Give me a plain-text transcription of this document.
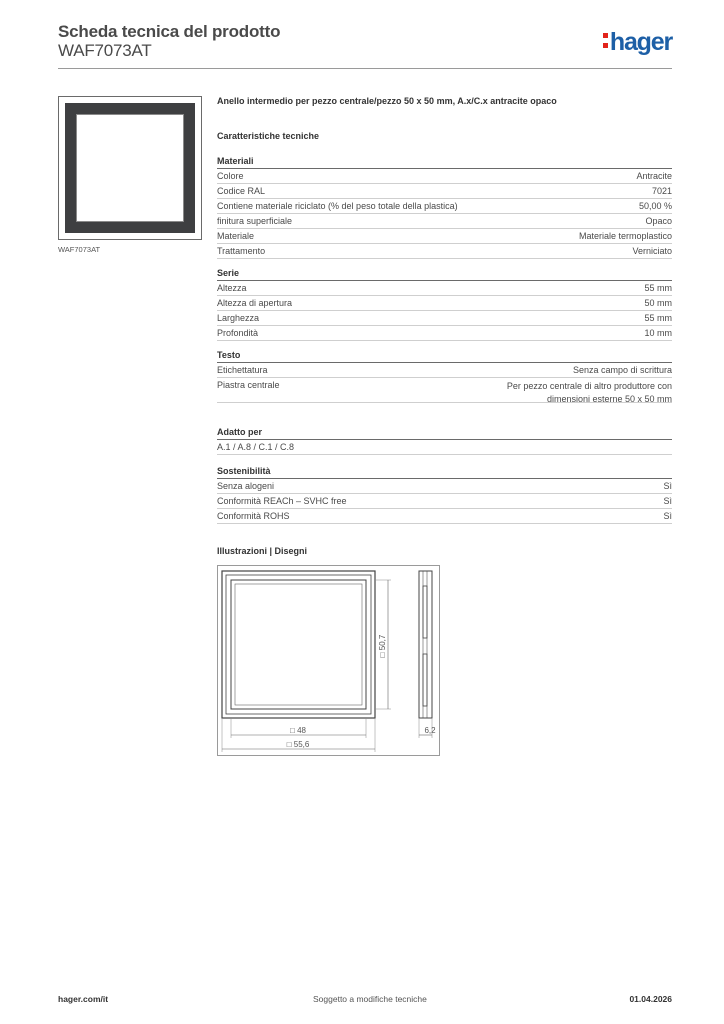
Scheda tecnica del prodotto
WAF7073AT	hager
WAF7073AT
Anello intermedio per pezzo centrale/pezzo 50 x 50 mm, A.x/C.x antracite opaco
Caratteristiche tecniche
Materiali
Colore	Antracite
Codice RAL	7021
Contiene materiale riciclato (% del peso totale della plastica)	50,00 %
finitura superficiale	Opaco
Materiale	Materiale termoplastico
Trattamento	Verniciato
Serie
Altezza	55 mm
Altezza di apertura	50 mm
Larghezza	55 mm
Profondità	10 mm
Testo
Etichettatura	Senza campo di scrittura
Piastra centrale	Per pezzo centrale di altro produttore con
dimensioni esterne 50 x 50 mm
Adatto per
A.1 / A.8 / C.1 / C.8
Sostenibilità
Senza alogeni	Sì
Conformità REACh – SVHC free	Sì
Conformità ROHS	Sì
Illustrazioni | Disegni
□ 50,7
6,2
□ 48
□ 55,6
hager.com/it	Soggetto a modifiche tecniche	01.04.2026
